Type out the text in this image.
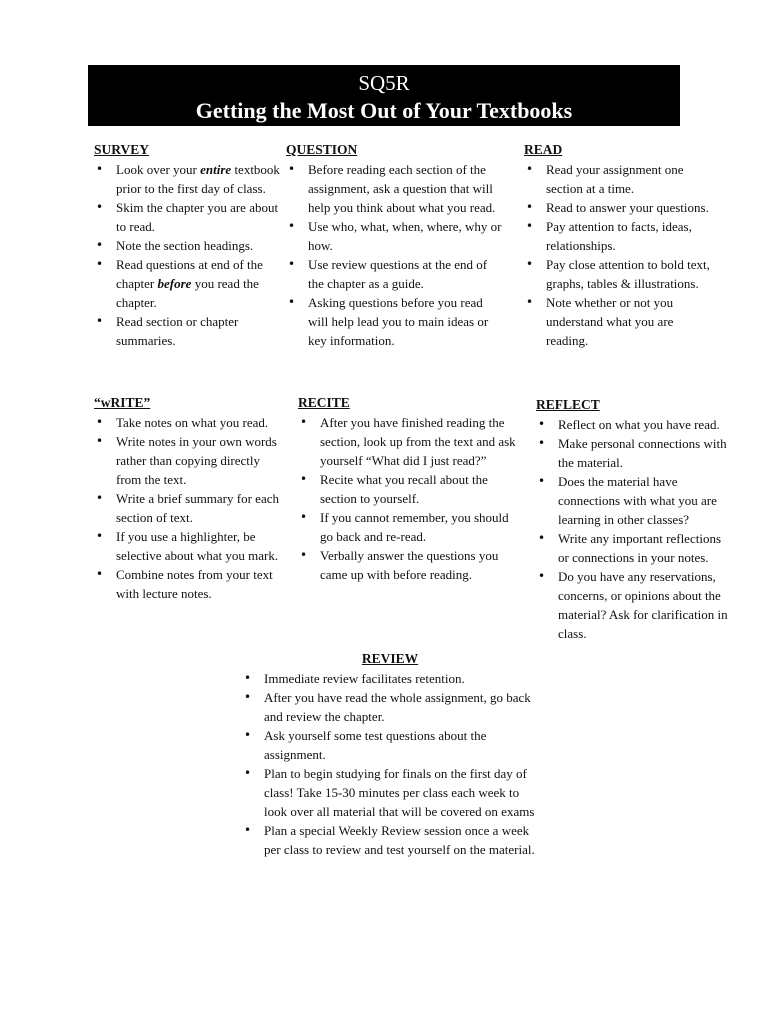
SQ5R
Getting the Most Out of Your Textbooks
SURVEY
• Look over your entire textbook prior to the first day of class.
• Skim the chapter you are about to read.
• Note the section headings.
• Read questions at end of the chapter before you read the chapter.
• Read section or chapter summaries.
QUESTION
• Before reading each section of the assignment, ask a question that will help you think about what you read.
• Use who, what, when, where, why or how.
• Use review questions at the end of the chapter as a guide.
• Asking questions before you read will help lead you to main ideas or key information.
READ
• Read your assignment one section at a time.
• Read to answer your questions.
• Pay attention to facts, ideas, relationships.
• Pay close attention to bold text, graphs, tables & illustrations.
• Note whether or not you understand what you are reading.
“wRITE”
• Take notes on what you read.
• Write notes in your own words rather than copying directly from the text.
• Write a brief summary for each section of text.
• If you use a highlighter, be selective about what you mark.
• Combine notes from your text with lecture notes.
RECITE
• After you have finished reading the section, look up from the text and ask yourself “What did I just read?”
• Recite what you recall about the section to yourself.
• If you cannot remember, you should go back and re-read.
• Verbally answer the questions you came up with before reading.
REFLECT
• Reflect on what you have read.
• Make personal connections with the material.
• Does the material have connections with what you are learning in other classes?
• Write any important reflections or connections in your notes.
• Do you have any reservations, concerns, or opinions about the material? Ask for clarification in class.
REVIEW
• Immediate review facilitates retention.
• After you have read the whole assignment, go back and review the chapter.
• Ask yourself some test questions about the assignment.
• Plan to begin studying for finals on the first day of class! Take 15-30 minutes per class each week to look over all material that will be covered on exams
• Plan a special Weekly Review session once a week per class to review and test yourself on the material.
